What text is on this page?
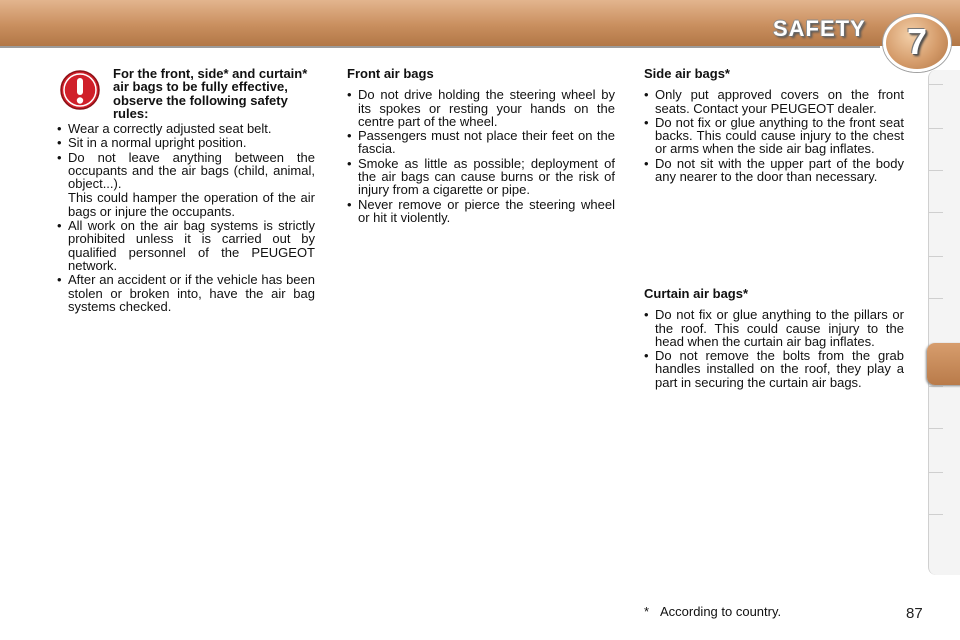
SAFETY 7
For the front, side* and curtain* air bags to be fully effective, observe the following safety rules:
• Wear a correctly adjusted seat belt.
• Sit in a normal upright position.
• Do not leave anything between the occupants and the air bags (child, animal, object...).
This could hamper the operation of the air bags or injure the occupants.
• All work on the air bag systems is strictly prohibited unless it is carried out by qualified personnel of the PEUGEOT network.
• After an accident or if the vehicle has been stolen or broken into, have the air bag systems checked.
Front air bags
• Do not drive holding the steering wheel by its spokes or resting your hands on the centre part of the wheel.
• Passengers must not place their feet on the fascia.
• Smoke as little as possible; deployment of the air bags can cause burns or the risk of injury from a cigarette or pipe.
• Never remove or pierce the steering wheel or hit it violently.
Side air bags*
• Only put approved covers on the front seats. Contact your PEUGEOT dealer.
• Do not fix or glue anything to the front seat backs. This could cause injury to the chest or arms when the side air bag inflates.
• Do not sit with the upper part of the body any nearer to the door than necessary.
Curtain air bags*
• Do not fix or glue anything to the pillars or the roof. This could cause injury to the head when the curtain air bag inflates.
• Do not remove the bolts from the grab handles installed on the roof, they play a part in securing the curtain air bags.
* According to country.	87
